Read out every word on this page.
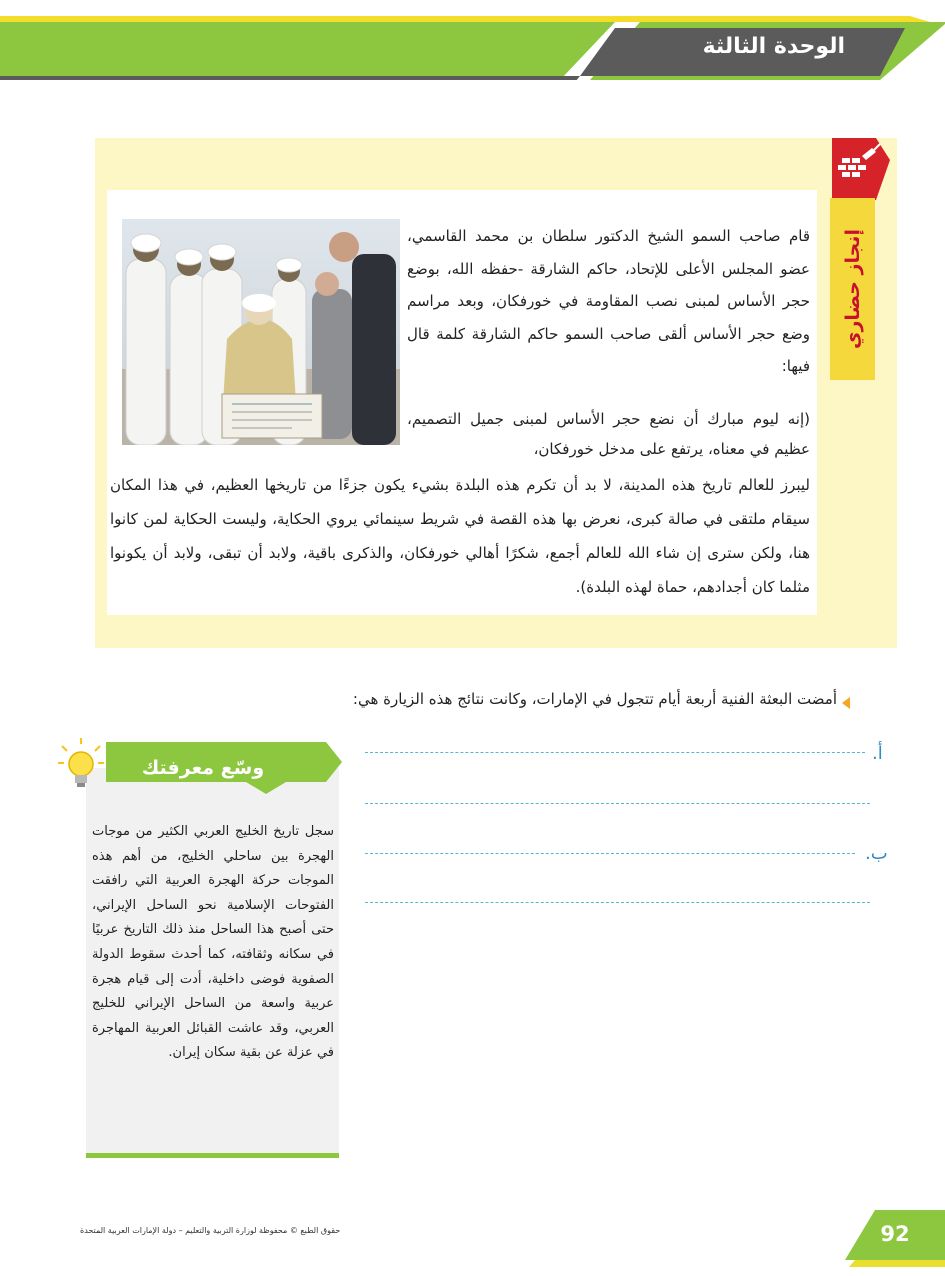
الوحدة الثالثة
إنجاز حضاري
قام صاحب السمو الشيخ الدكتور سلطان بن محمد القاسمي، عضو المجلس الأعلى للإتحاد، حاكم الشارقة -حفظه الله، بوضع حجر الأساس لمبنى نصب المقاومة في خورفكان، وبعد مراسم وضع حجر الأساس ألقى صاحب السمو حاكم الشارقة كلمة قال فيها:
(إنه ليوم مبارك أن نضع حجر الأساس لمبنى جميل التصميم، عظيم في معناه، يرتفع على مدخل خورفكان،
ليبرز للعالم تاريخ هذه المدينة، لا بد أن تكرم هذه البلدة بشيء يكون جزءًا من تاريخها العظيم، في هذا المكان سيقام ملتقى في صالة كبرى، نعرض بها هذه القصة في شريط سينمائي يروي الحكاية، وليست الحكاية لمن كانوا هنا، ولكن سترى إن شاء الله للعالم أجمع، شكرًا أهالي خورفكان، والذكرى باقية، ولابد أن تبقى، ولابد أن يكونوا مثلما كان أجدادهم، حماة لهذه البلدة).
أمضت البعثة الفنية أربعة أيام تتجول في الإمارات، وكانت نتائج هذه الزيارة هي:
أ.
ب.
وسّع معرفتك
سجل تاريخ الخليج العربي الكثير من موجات الهجرة بين ساحلي الخليج، من أهم هذه الموجات حركة الهجرة العربية التي رافقت الفتوحات الإسلامية نحو الساحل الإيراني، حتى أصبح هذا الساحل منذ ذلك التاريخ عربيًا في سكانه وثقافته، كما أحدث سقوط الدولة الصفوية فوضى داخلية، أدت إلى قيام هجرة عربية واسعة من الساحل الإيراني للخليج العربي، وقد عاشت القبائل العربية المهاجرة في عزلة عن بقية سكان إيران.
حقوق الطبع © محفوظة لوزارة التربية والتعليم – دولة الإمارات العربية المتحدة	92
